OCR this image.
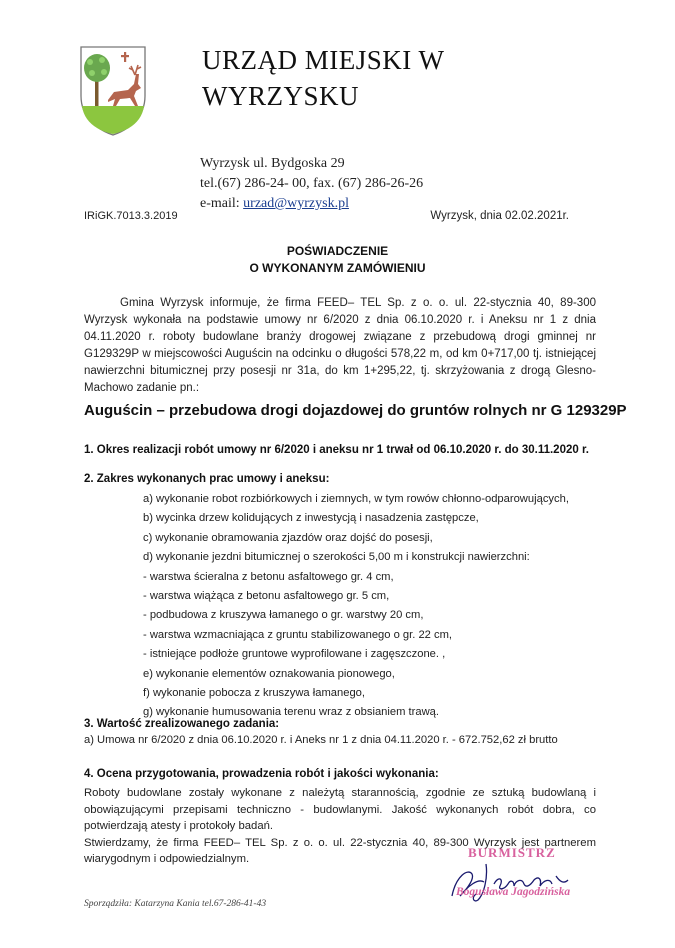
URZĄD MIEJSKI W
WYRZYSKU
Wyrzysk ul. Bydgoska 29
tel.(67) 286-24- 00, fax. (67) 286-26-26
e-mail: urzad@wyrzysk.pl
IRiGK.7013.3.2019	Wyrzysk, dnia 02.02.2021r.
POŚWIADCZENIE
O WYKONANYM ZAMÓWIENIU
Gmina Wyrzysk informuje, że firma FEED– TEL Sp. z o. o. ul. 22-stycznia 40, 89-300 Wyrzysk wykonała na podstawie umowy nr 6/2020 z dnia 06.10.2020 r. i Aneksu nr 1 z dnia 04.11.2020 r. roboty budowlane branży drogowej związane z przebudową drogi gminnej nr G129329P w miejscowości Auguścin na odcinku o długości 578,22 m, od km 0+717,00 tj. istniejącej nawierzchni bitumicznej przy posesji nr 31a, do km 1+295,22, tj. skrzyżowania z drogą Glesno-Machowo zadanie pn.:
Auguścin – przebudowa drogi dojazdowej do gruntów rolnych nr G 129329P
1. Okres realizacji robót umowy nr 6/2020 i aneksu nr 1 trwał od 06.10.2020 r. do 30.11.2020 r.
2. Zakres wykonanych prac umowy i aneksu:
a) wykonanie robot rozbiórkowych i ziemnych, w tym rowów chłonno-odparowujących,
b) wycinka drzew kolidujących z inwestycją i nasadzenia zastępcze,
c) wykonanie obramowania zjazdów oraz dojść do posesji,
d) wykonanie jezdni bitumicznej o szerokości 5,00 m i konstrukcji nawierzchni:
- warstwa ścieralna z betonu asfaltowego gr. 4 cm,
- warstwa wiążąca z betonu asfaltowego gr. 5 cm,
- podbudowa z kruszywa łamanego o gr. warstwy 20 cm,
- warstwa wzmacniająca z gruntu stabilizowanego o gr. 22 cm,
- istniejące podłoże gruntowe wyprofilowane i zagęszczone. ,
e) wykonanie elementów oznakowania pionowego,
f) wykonanie pobocza z kruszywa łamanego,
g) wykonanie humusowania terenu wraz z obsianiem trawą.
3. Wartość zrealizowanego zadania:
a) Umowa nr 6/2020 z dnia 06.10.2020 r. i Aneks nr 1 z dnia 04.11.2020 r. - 672.752,62 zł brutto
4. Ocena przygotowania, prowadzenia robót i jakości wykonania:

Roboty budowlane zostały wykonane z należytą starannością, zgodnie ze sztuką budowlaną i obowiązującymi przepisami techniczno - budowlanymi. Jakość wykonanych robót dobra, co potwierdzają atesty i protokoły badań.

Stwierdzamy, że firma FEED– TEL Sp. z o. o. ul. 22-stycznia 40, 89-300 Wyrzysk jest partnerem wiarygodnym i odpowiedzialnym.	BURMISTRZ
Bogusława Jagodzińska
Sporządziła: Katarzyna Kania tel.67-286-41-43
